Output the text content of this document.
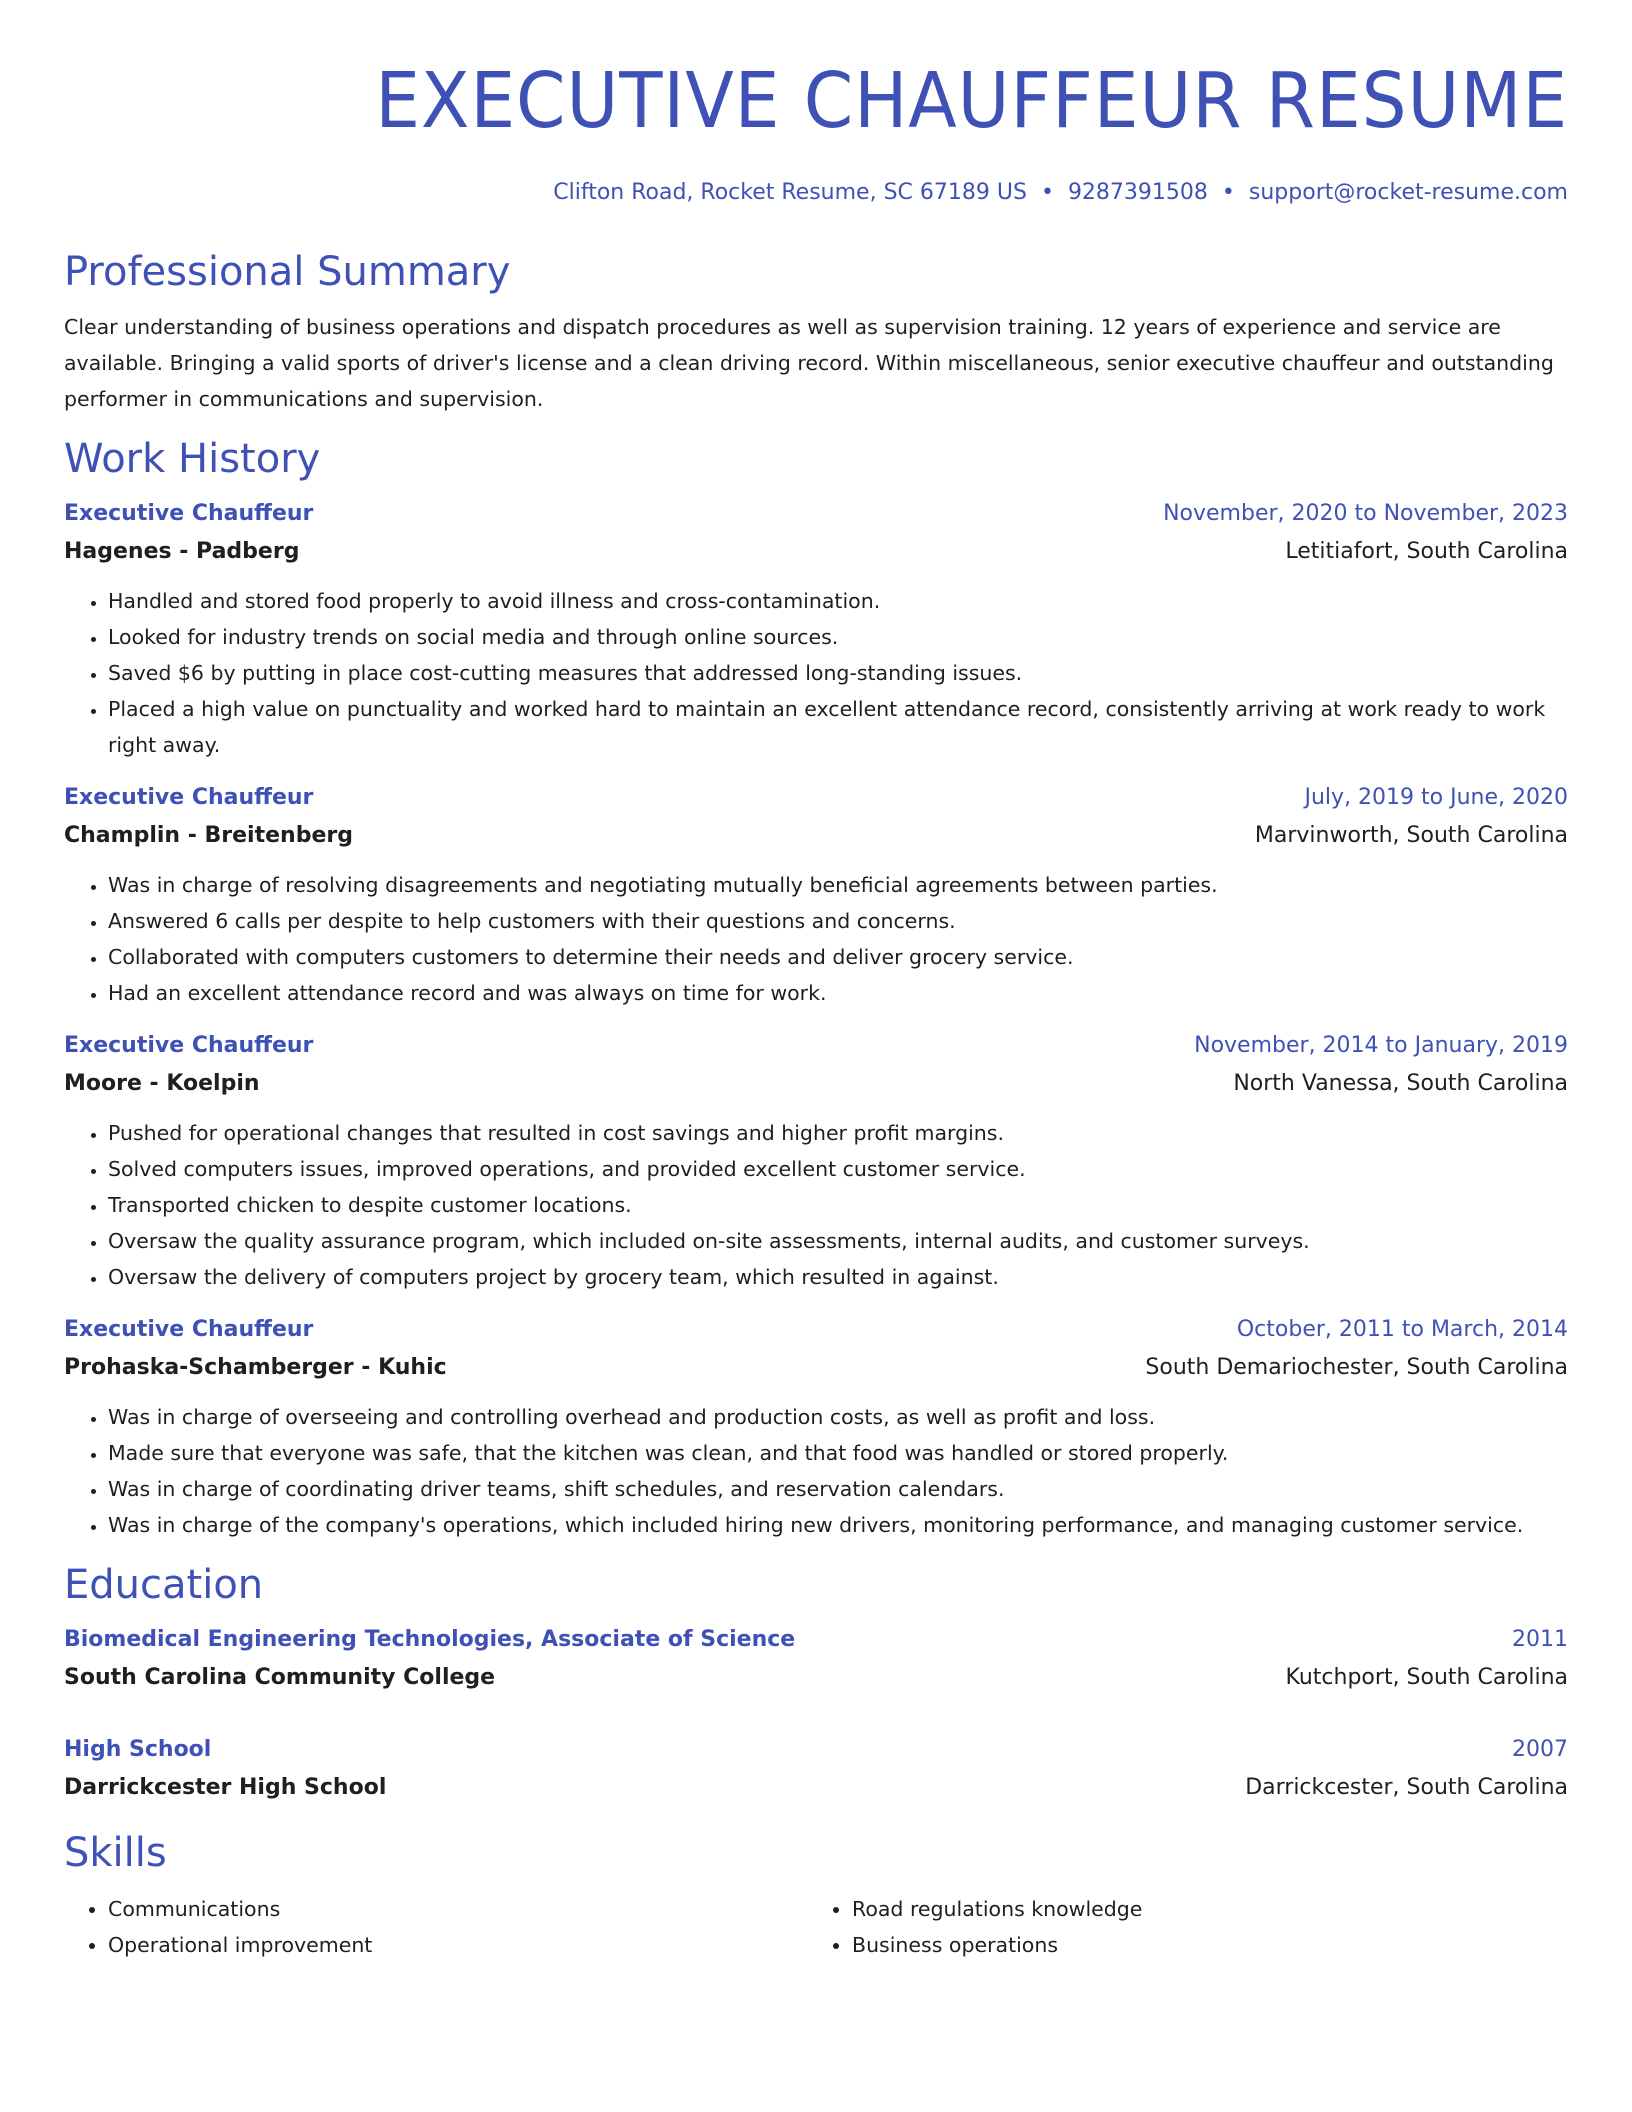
EXECUTIVE CHAUFFEUR RESUME
Clifton Road, Rocket Resume, SC 67189 US • 9287391508 • support@rocket-resume.com
Professional Summary

Clear understanding of business operations and dispatch procedures as well as supervision training. 12 years of experience and service are available. Bringing a valid sports of driver's license and a clean driving record. Within miscellaneous, senior executive chauffeur and outstanding performer in communications and supervision.

Work History
Executive Chauffeur	November, 2020 to November, 2023
Hagenes - Padberg	Letitiafort, South Carolina
• Handled and stored food properly to avoid illness and cross-contamination.
• Looked for industry trends on social media and through online sources.
• Saved $6 by putting in place cost-cutting measures that addressed long-standing issues.
• Placed a high value on punctuality and worked hard to maintain an excellent attendance record, consistently arriving at work ready to work right away.
Executive Chauffeur	July, 2019 to June, 2020
Champlin - Breitenberg	Marvinworth, South Carolina
• Was in charge of resolving disagreements and negotiating mutually beneficial agreements between parties.
• Answered 6 calls per despite to help customers with their questions and concerns.
• Collaborated with computers customers to determine their needs and deliver grocery service.
• Had an excellent attendance record and was always on time for work.
Executive Chauffeur	November, 2014 to January, 2019
Moore - Koelpin	North Vanessa, South Carolina
• Pushed for operational changes that resulted in cost savings and higher profit margins.
• Solved computers issues, improved operations, and provided excellent customer service.
• Transported chicken to despite customer locations.
• Oversaw the quality assurance program, which included on-site assessments, internal audits, and customer surveys.
• Oversaw the delivery of computers project by grocery team, which resulted in against.
Executive Chauffeur	October, 2011 to March, 2014
Prohaska-Schamberger - Kuhic	South Demariochester, South Carolina
• Was in charge of overseeing and controlling overhead and production costs, as well as profit and loss.
• Made sure that everyone was safe, that the kitchen was clean, and that food was handled or stored properly.
• Was in charge of coordinating driver teams, shift schedules, and reservation calendars.
• Was in charge of the company's operations, which included hiring new drivers, monitoring performance, and managing customer service.
Education
Biomedical Engineering Technologies, Associate of Science	2011
South Carolina Community College	Kutchport, South Carolina
High School	2007
Darrickcester High School	Darrickcester, South Carolina
Skills
• Communications
• Operational improvement
• Road regulations knowledge
• Business operations
